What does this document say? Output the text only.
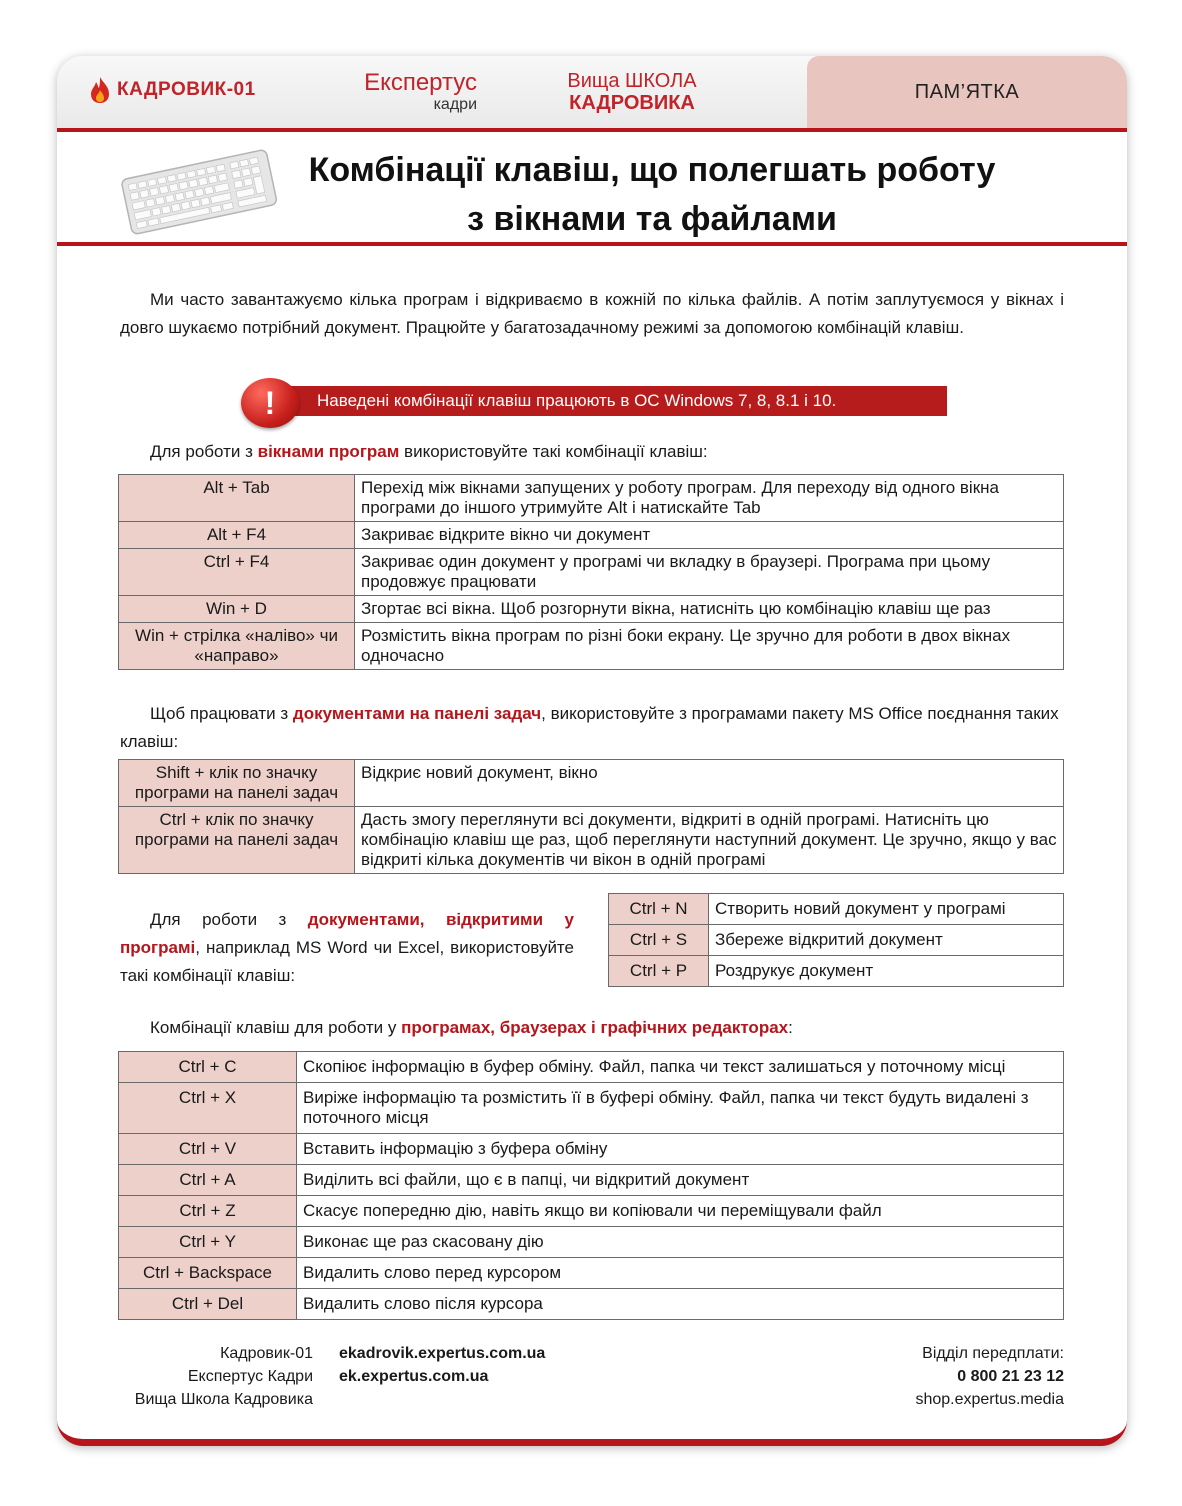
КАДРОВИК-01	Експертус
кадри
Вища ШКОЛА
КАДРОВИКА
ПАМ’ЯТКА
Комбінації клавіш, що полегшать роботу
з вікнами та файлами

Ми часто завантажуємо кілька програм і відкриваємо в кожній по кілька файлів. А потім заплутуємося у вікнах і довго шукаємо потрібний документ. Працюйте у багатозадачному режимі за допомогою комбінацій клавіш.

!	Наведені комбінації клавіш працюють в ОС Windows 7, 8, 8.1 і 10.

Для роботи з вікнами програм використовуйте такі комбінації клавіш:

Alt + Tab	Перехід між вікнами запущених у роботу програм. Для переходу від одного вікна програми до іншого утримуйте Alt і натискайте Tab
Alt + F4	Закриває відкрите вікно чи документ
Ctrl + F4	Закриває один документ у програмі чи вкладку в браузері. Програма при цьому продовжує працювати
Win + D	Згортає всі вікна. Щоб розгорнути вікна, натисніть цю комбінацію клавіш ще раз
Win + стрілка «наліво» чи «направо»	Розмістить вікна програм по різні боки екрану. Це зручно для роботи в двох вікнах одночасно

Щоб працювати з документами на панелі задач, використовуйте з програмами пакету MS Office поєднання таких клавіш:

Shift + клік по значку програми на панелі задач	Відкриє новий документ, вікно
Ctrl + клік по значку програми на панелі задач	Дасть змогу переглянути всі документи, відкриті в одній програмі. Натисніть цю комбінацію клавіш ще раз, щоб переглянути наступний документ. Це зручно, якщо у вас відкриті кілька документів чи вікон в одній програмі

Для роботи з документами, відкритими у програмі, наприклад MS Word чи Excel, використовуйте такі комбінації клавіш:

Ctrl + N	Створить новий документ у програмі
Ctrl + S	Збереже відкритий документ
Ctrl + P	Роздрукує документ

Комбінації клавіш для роботи у програмах, браузерах і графічних редакторах:

Ctrl + C	Скопіює інформацію в буфер обміну. Файл, папка чи текст залишаться у поточному місці
Ctrl + X	Виріже інформацію та розмістить її в буфері обміну. Файл, папка чи текст будуть видалені з поточного місця
Ctrl + V	Вставить інформацію з буфера обміну
Ctrl + A	Виділить всі файли, що є в папці, чи відкритий документ
Ctrl + Z	Скасує попередню дію, навіть якщо ви копіювали чи переміщували файл
Ctrl + Y	Виконає ще раз скасовану дію
Ctrl + Backspace	Видалить слово перед курсором
Ctrl + Del	Видалить слово після курсора
Кадровик-01
Експертус Кадри
Вища Школа Кадровика
ekadrovik.expertus.com.ua
ek.expertus.com.ua
Відділ передплати:
0 800 21 23 12
shop.expertus.media
